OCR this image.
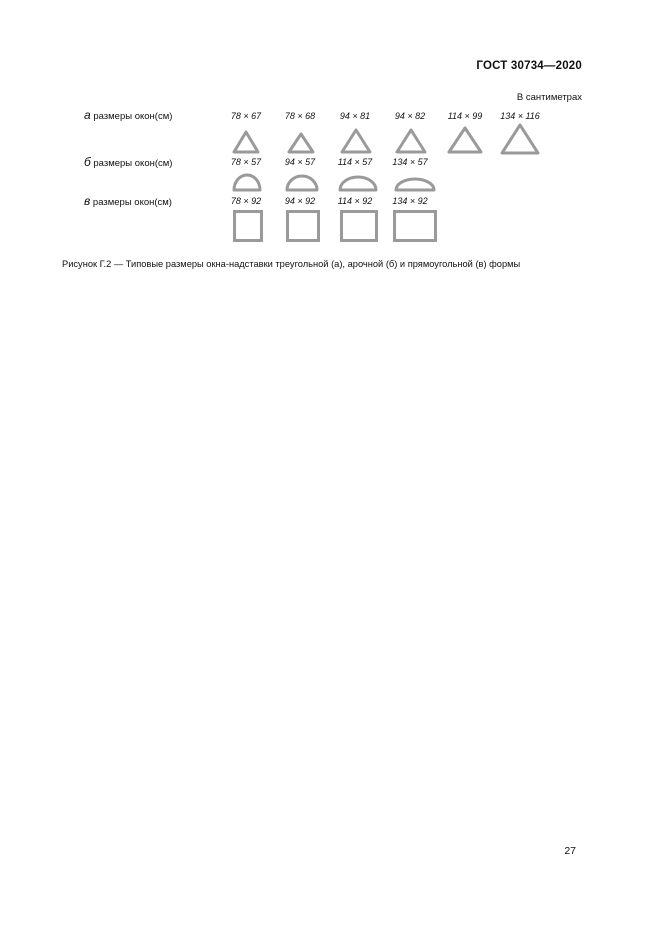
ГОСТ 30734—2020
В сантиметрах
а размеры окон(см)	78 × 67	78 × 68	94 × 81	94 × 82	114 × 99	134 × 116
б размеры окон(см)	78 × 57	94 × 57	114 × 57	134 × 57
в размеры окон(см)	78 × 92	94 × 92	114 × 92	134 × 92
Рисунок Г.2 — Типовые размеры окна-надставки треугольной (а), арочной (б) и прямоугольной (в) формы
27
